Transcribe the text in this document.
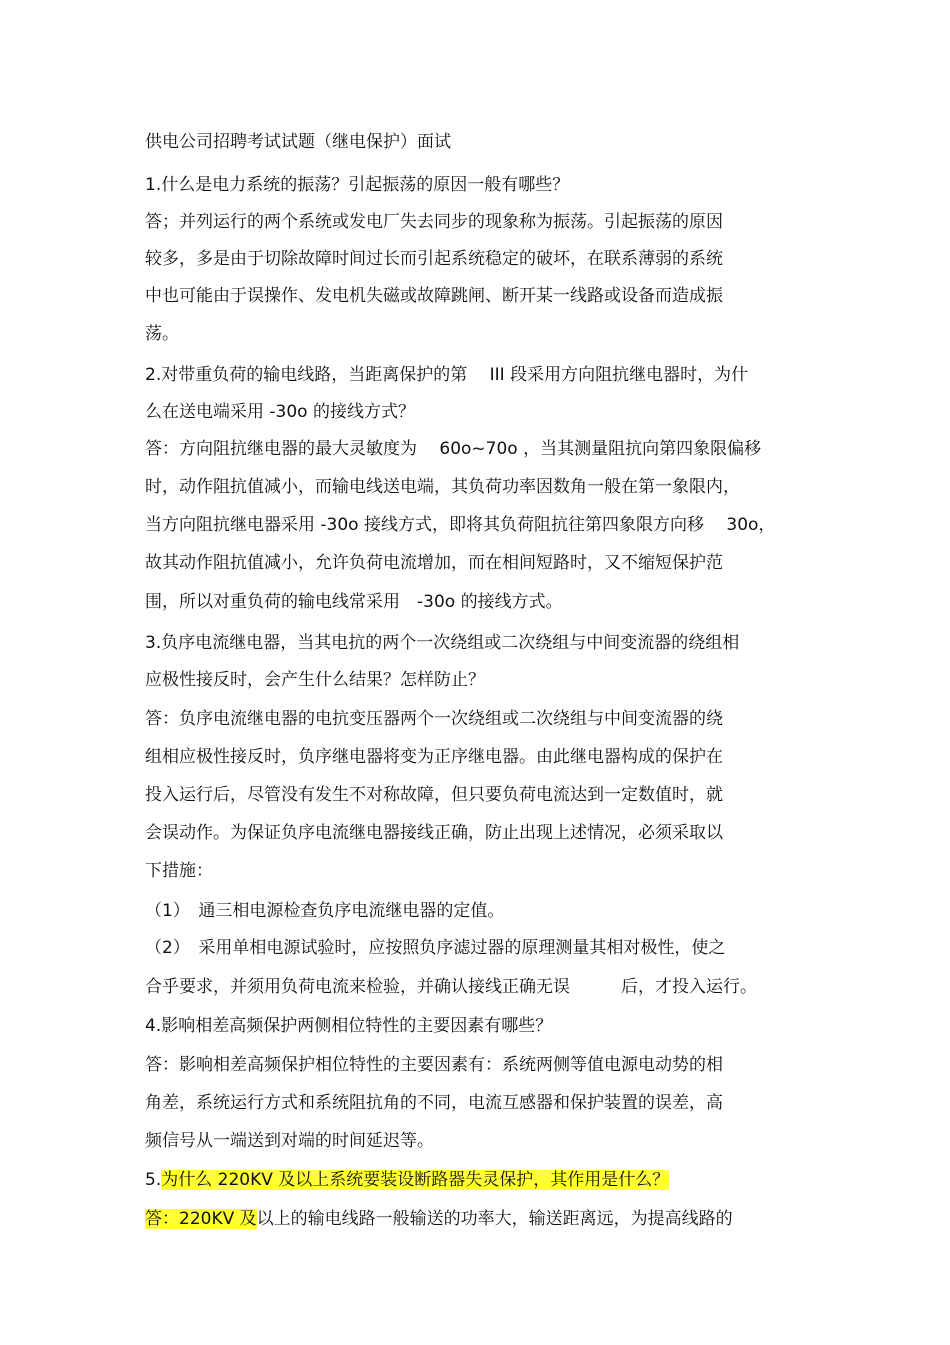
供电公司招聘考试试题（继电保护）面试
1.什么是电力系统的振荡？引起振荡的原因一般有哪些？
答；并列运行的两个系统或发电厂失去同步的现象称为振荡。引起振荡的原因
较多，多是由于切除故障时间过长而引起系统稳定的破坏，在联系薄弱的系统
中也可能由于误操作、发电机失磁或故障跳闸、断开某一线路或设备而造成振
荡。
2.对带重负荷的输电线路，当距离保护的第　 III 段采用方向阻抗继电器时，为什
么在送电端采用 -30o 的接线方式？
答：方向阻抗继电器的最大灵敏度为　 60o~70o ，当其测量阻抗向第四象限偏移
时，动作阻抗值减小，而输电线送电端，其负荷功率因数角一般在第一象限内，
当方向阻抗继电器采用 -30o 接线方式，即将其负荷阻抗往第四象限方向移　 30o，
故其动作阻抗值减小，允许负荷电流增加，而在相间短路时，又不缩短保护范
围，所以对重负荷的输电线常采用　-30o 的接线方式。
3.负序电流继电器，当其电抗的两个一次绕组或二次绕组与中间变流器的绕组相
应极性接反时，会产生什么结果？怎样防止？
答：负序电流继电器的电抗变压器两个一次绕组或二次绕组与中间变流器的绕
组相应极性接反时，负序继电器将变为正序继电器。由此继电器构成的保护在
投入运行后，尽管没有发生不对称故障，但只要负荷电流达到一定数值时，就
会误动作。为保证负序电流继电器接线正确，防止出现上述情况，必须采取以
下措施：
（1）　通三相电源检查负序电流继电器的定值。
（2）　采用单相电源试验时，应按照负序滤过器的原理测量其相对极性，使之
合乎要求，并须用负荷电流来检验，并确认接线正确无误　　　后，才投入运行。
4.影响相差高频保护两侧相位特性的主要因素有哪些？
答：影响相差高频保护相位特性的主要因素有：系统两侧等值电源电动势的相
角差，系统运行方式和系统阻抗角的不同，电流互感器和保护装置的误差，高
频信号从一端送到对端的时间延迟等。
5.为什么 220KV 及以上系统要装设断路器失灵保护，其作用是什么？
答：220KV 及以上的输电线路一般输送的功率大，输送距离远，为提高线路的
